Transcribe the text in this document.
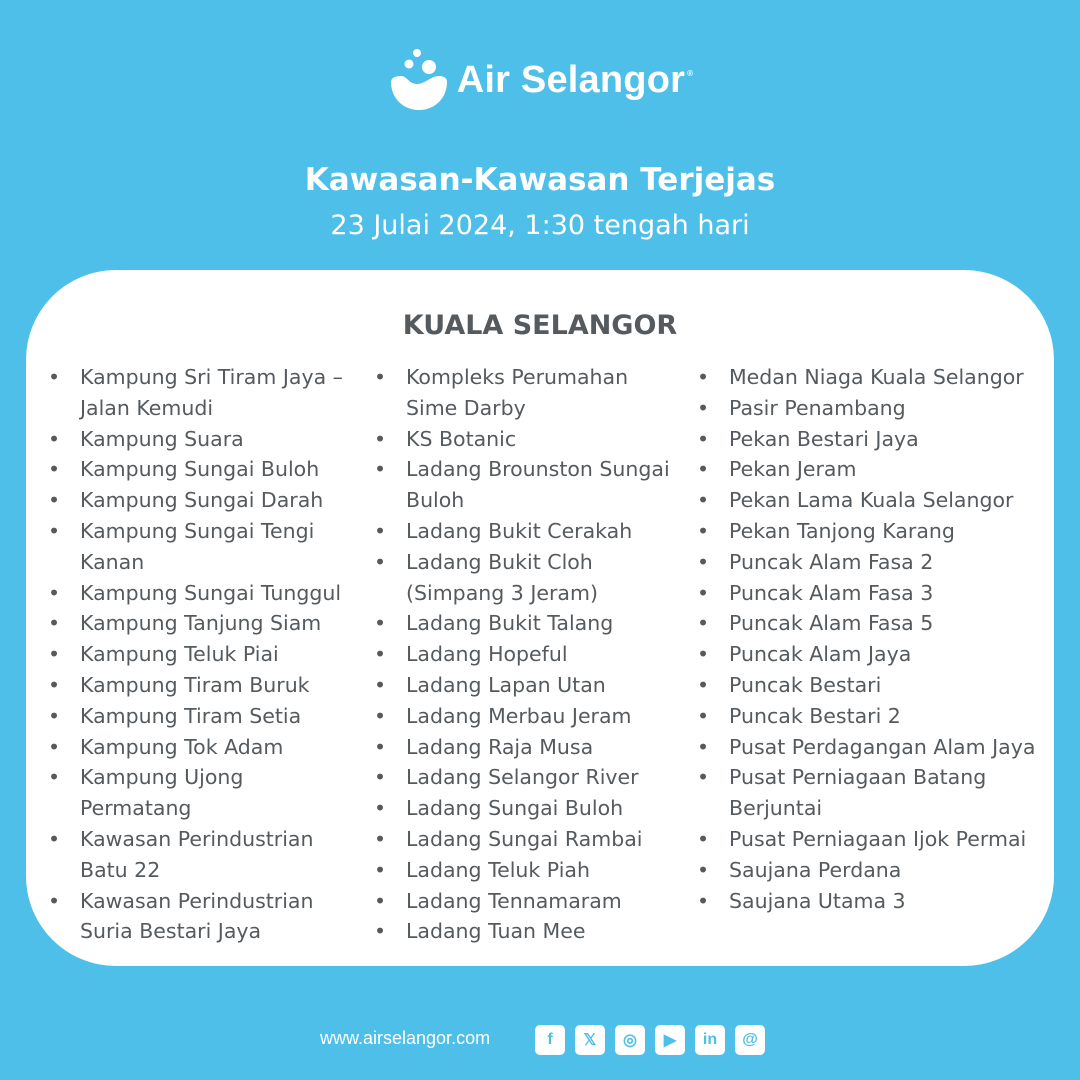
Air Selangor ®
Kawasan-Kawasan Terjejas
23 Julai 2024, 1:30 tengah hari
KUALA SELANGOR
• Kampung Sri Tiram Jaya – Jalan Kemudi
• Kampung Suara
• Kampung Sungai Buloh
• Kampung Sungai Darah
• Kampung Sungai Tengi Kanan
• Kampung Sungai Tunggul
• Kampung Tanjung Siam
• Kampung Teluk Piai
• Kampung Tiram Buruk
• Kampung Tiram Setia
• Kampung Tok Adam
• Kampung Ujong Permatang
• Kawasan Perindustrian Batu 22
• Kawasan Perindustrian Suria Bestari Jaya
• Kompleks Perumahan Sime Darby
• KS Botanic
• Ladang Brounston Sungai Buloh
• Ladang Bukit Cerakah
• Ladang Bukit Cloh (Simpang 3 Jeram)
• Ladang Bukit Talang
• Ladang Hopeful
• Ladang Lapan Utan
• Ladang Merbau Jeram
• Ladang Raja Musa
• Ladang Selangor River
• Ladang Sungai Buloh
• Ladang Sungai Rambai
• Ladang Teluk Piah
• Ladang Tennamaram
• Ladang Tuan Mee
• Medan Niaga Kuala Selangor
• Pasir Penambang
• Pekan Bestari Jaya
• Pekan Jeram
• Pekan Lama Kuala Selangor
• Pekan Tanjong Karang
• Puncak Alam Fasa 2
• Puncak Alam Fasa 3
• Puncak Alam Fasa 5
• Puncak Alam Jaya
• Puncak Bestari
• Puncak Bestari 2
• Pusat Perdagangan Alam Jaya
• Pusat Perniagaan Batang Berjuntai
• Pusat Perniagaan Ijok Permai
• Saujana Perdana
• Saujana Utama 3
www.airselangor.com	f 𝕏 ◎ ▶ in @
